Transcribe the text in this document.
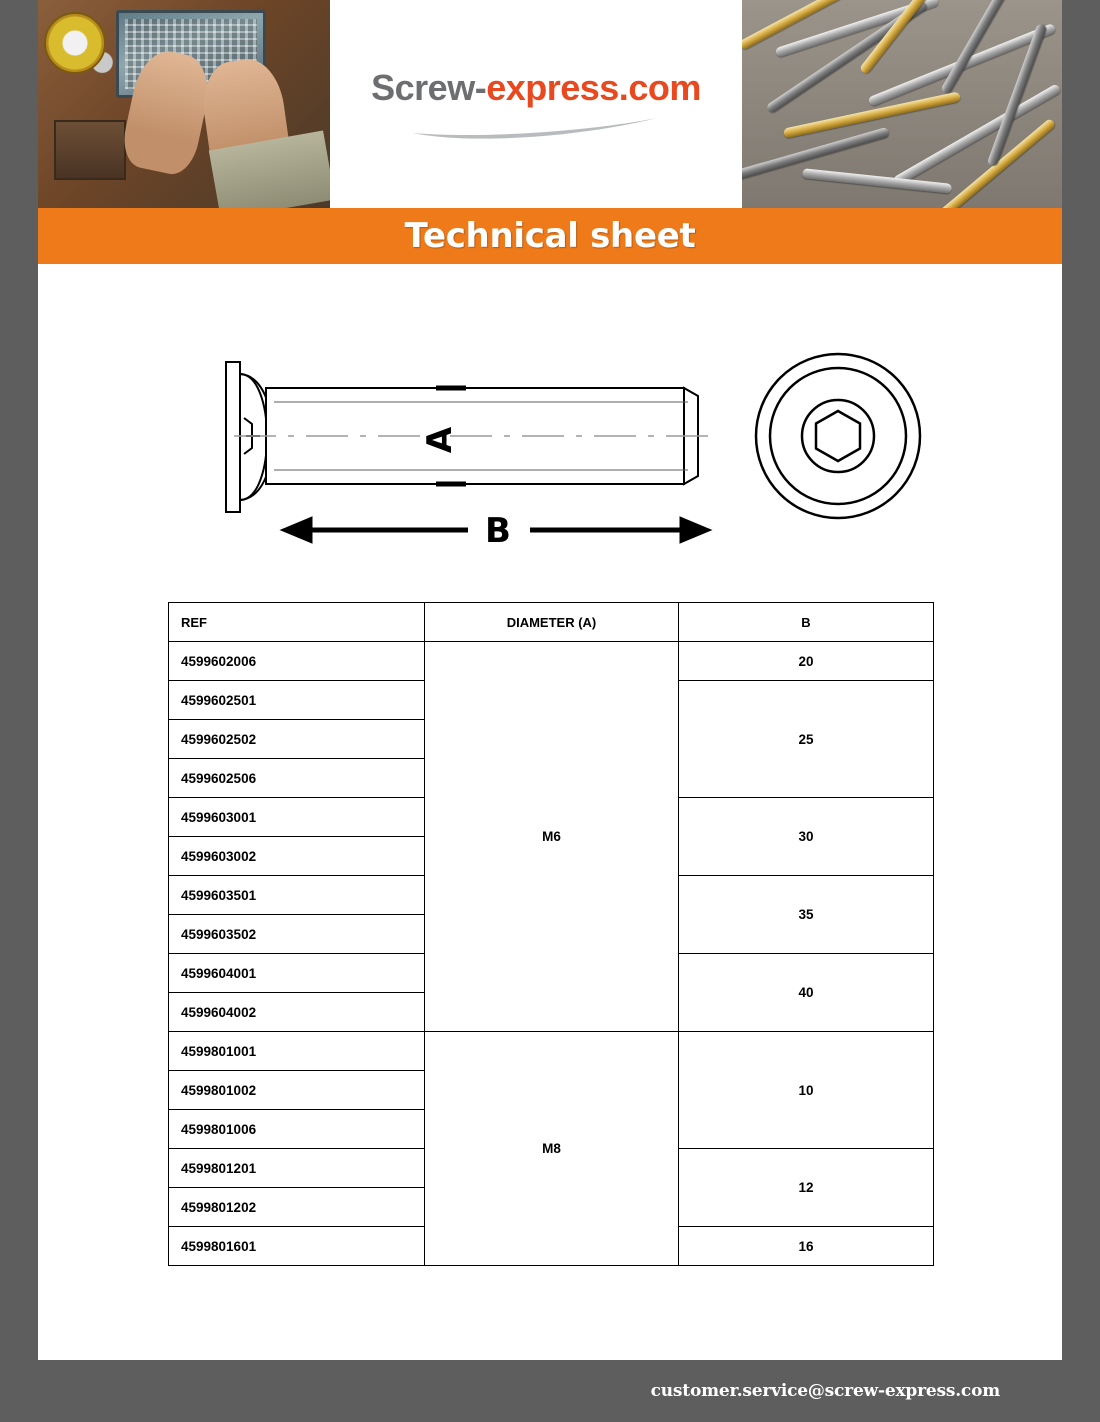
Screw-express.com
Technical sheet
A
B
REF	DIAMETER (A)	B
4599602006	M6	20
4599602501		25
4599602502		
4599602506		
4599603001		30
4599603002		
4599603501		35
4599603502		
4599604001		40
4599604002		
4599801001	M8	10
4599801002		
4599801006		
4599801201		12
4599801202		
4599801601		16
customer.service@screw-express.com
